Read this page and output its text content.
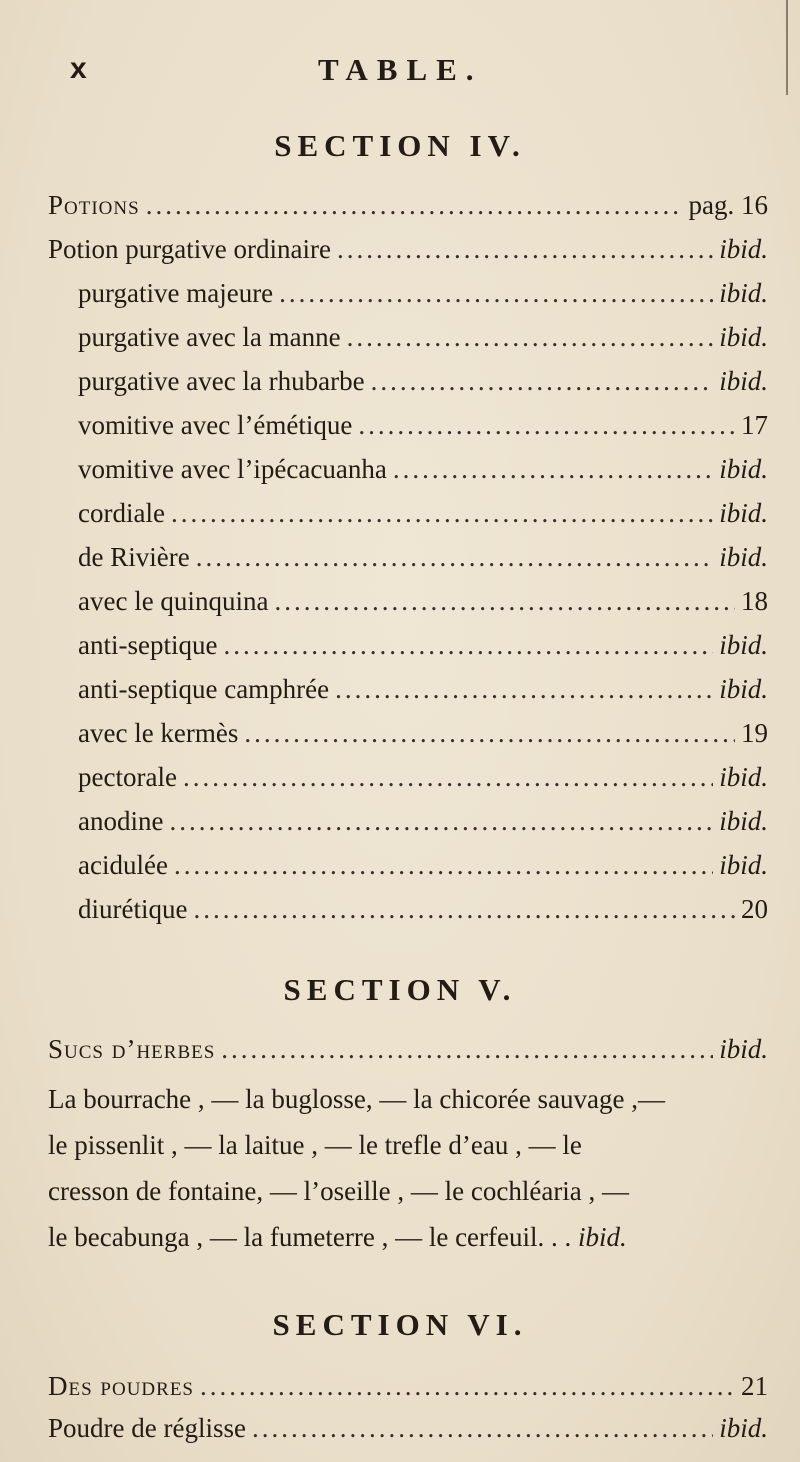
x	TABLE.
SECTION IV.
Potions .....	pag. 16
Potion purgative ordinaire .....	ibid.
purgative majeure .....	ibid.
purgative avec la manne .....	ibid.
purgative avec la rhubarbe .....	ibid.
vomitive avec l’émétique .....	17
vomitive avec l’ipécacuanha .....	ibid.
cordiale .....	ibid.
de Rivière .....	ibid.
avec le quinquina .....	18
anti-septique .....	ibid.
anti-septique camphrée .....	ibid.
avec le kermès .....	19
pectorale .....	ibid.
anodine .....	ibid.
acidulée .....	ibid.
diurétique .....	20
SECTION V.
Sucs d’herbes .....	ibid.
La bourrache , — la buglosse, — la chicorée sauvage ,—
le pissenlit , — la laitue , — le trefle d’eau , — le
cresson de fontaine, — l’oseille , — le cochléaria , —
le becabunga , — la fumeterre , — le cerfeuil. . . ibid.
SECTION VI.
Des poudres .....	21
Poudre de réglisse .....	ibid.
